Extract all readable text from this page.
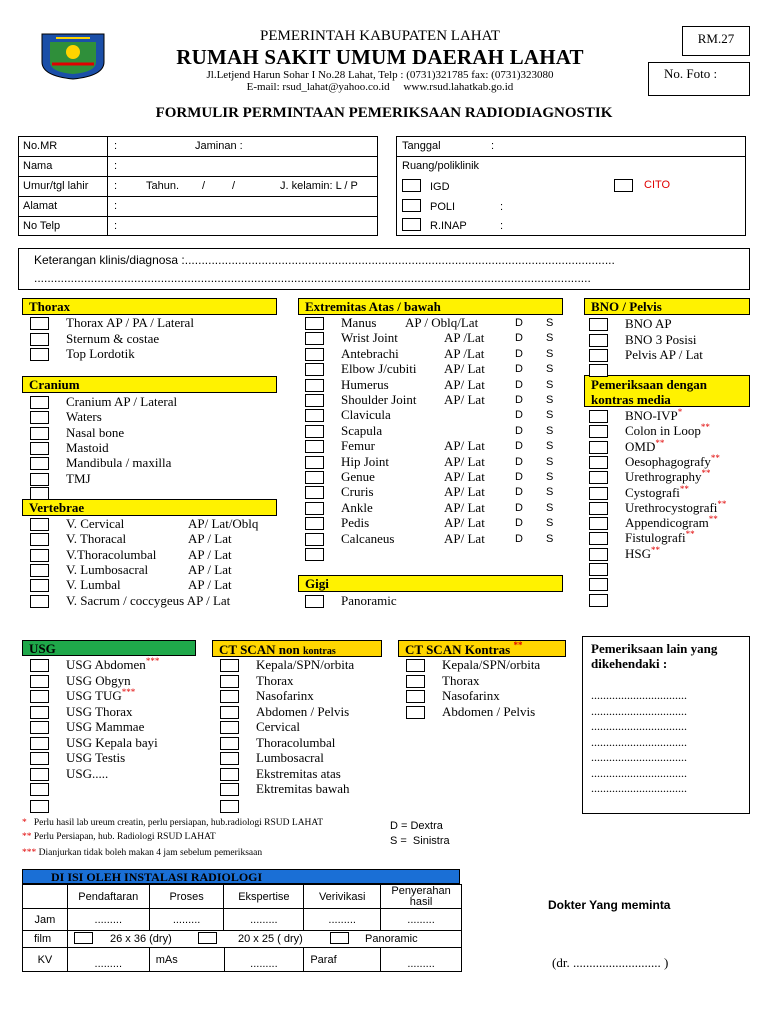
PEMERINTAH KABUPATEN LAHAT
RUMAH SAKIT UMUM DAERAH LAHAT
Jl.Letjend Harun Sohar I No.28 Lahat, Telp : (0731)321785 fax: (0731)323080
E-mail: rsud_lahat@yahoo.co.id     www.rsud.lahatkab.go.id
RM.27
No. Foto :
FORMULIR PERMINTAAN PEMERIKSAAN RADIODIAGNOSTIK
No.MR	:	Jaminan :
Nama	:
Umur/tgl lahir :	Tahun. / /	J. kelamin: L / P
Alamat	:
No Telp	:
Tanggal	:
Ruang/poliklinik
IGD	CITO
POLI	:
R.INAP	:
Keterangan klinis/diagnosa :.................................................................................................................................
.......................................................................................................................................................................
Thorax
Cranium
Vertebrae
Extremitas Atas / bawah
Gigi
BNO / Pelvis
Pemeriksaan dengan
kontras media
USG	CT SCAN non kontras	CT SCAN Kontras **	Pemeriksaan lain yang
dikehendaki :
* Perlu hasil lab ureum creatin, perlu persiapan, hub.radiologi RSUD LAHAT
** Perlu Persiapan, hub. Radiologi RSUD LAHAT
*** Dianjurkan tidak boleh makan 4 jam sebelum pemeriksaan
D = Dextra
S =  Sinistra
DI ISI OLEH INSTALASI RADIOLOGI
	Pendaftaran	Proses	Ekspertise	Verivikasi	Penyerahan
hasil

Jam	.........	.........	.........	.........	.........
film	26 x 36 (dry)	20 x 25 ( dry)	Panoramic
KV	.........	mAs	.........	Paraf	.........
Dokter Yang meminta
(dr. ........................... )
Thorax AP / PA / Lateral
Sternum & costae
Top Lordotik
Cranium AP / Lateral
Waters
Nasal bone
Mastoid
Mandibula / maxilla
TMJ
V. Cervical	AP/ Lat/Oblq
V. Thoracal	AP / Lat
V.Thoracolumbal AP / Lat
V. Lumbosacral	AP / Lat
V. Lumbal	AP / Lat
V. Sacrum / coccygeus AP / Lat
Manus AP / Oblq/Lat	D S
Wrist Joint	AP /Lat	D S
Antebrachi	AP /Lat	D S
Elbow J/cubiti AP/ Lat	D S
Humerus	AP/ Lat	D S
Shoulder Joint AP/ Lat	D S
Clavicula	D S
Scapula	D S
Femur	AP/ Lat	D S
Hip Joint	AP/ Lat	D S
Genue	AP/ Lat	D S
Cruris	AP/ Lat	D S
Ankle	AP/ Lat	D S
Pedis	AP/ Lat	D S
Calcaneus	AP/ Lat	D S
Panoramic
BNO AP
BNO 3 Posisi
Pelvis AP / Lat
BNO-IVP*
Colon in Loop**
OMD**
Oesophagografy**
Urethrography**
Cystografi**
Urethrocystografi**
Appendicogram**
Fistulografi**
HSG**
USG Abdomen***
USG Obgyn
USG TUG***
USG Thorax
USG Mammae
USG Kepala bayi
USG Testis
USG.....
Kepala/SPN/orbita
Thorax
Nasofarinx
Abdomen / Pelvis
Cervical
Thoracolumbal
Lumbosacral
Ekstremitas atas
Ektremitas bawah
Kepala/SPN/orbita
Thorax
Nasofarinx
Abdomen / Pelvis
................................
................................
................................
................................
................................
................................
................................
